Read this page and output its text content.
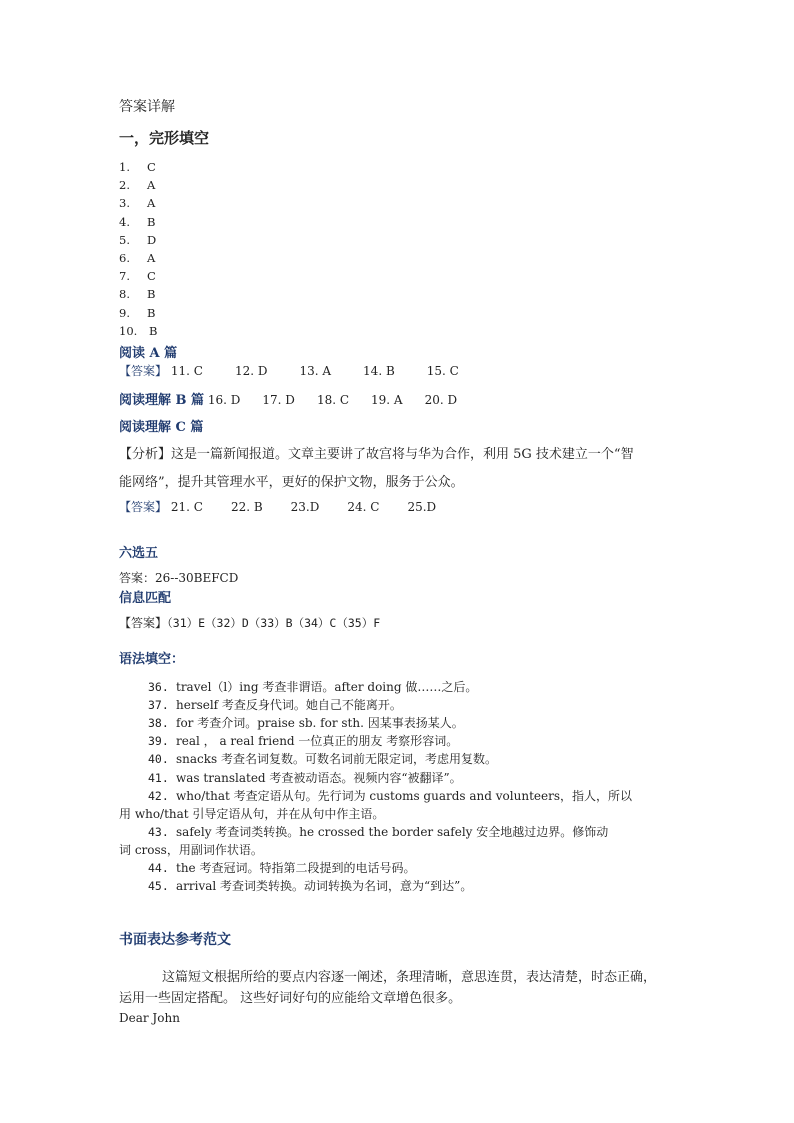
答案详解
一，完形填空
1. C
2. A
3. A
4. B
5. D
6. A
7. C
8. B
9. B
10. B
阅读 A 篇
【答案】 11. C	12. D	13. A	14. B	15. C
阅读理解 B 篇 16. D 17. D 18. C 19. A 20. D
阅读理解 C 篇
【分析】这是一篇新闻报道。文章主要讲了故宫将与华为合作，利用 5G 技术建立一个“智
能网络”，提升其管理水平，更好的保护文物，服务于公众。
【答案】 21. C 22. B 23.D 24. C 25.D
六选五
答案：26--30BEFCD
信息匹配
【答案】（31）E（32）D（33）B（34）C（35）F
语法填空：
36. travel（l）ing 考查非谓语。after doing 做……之后。
37. herself 考查反身代词。她自己不能离开。
38. for 考查介词。praise sb. for sth. 因某事表扬某人。
39. real ， a real friend 一位真正的朋友 考察形容词。
40. snacks 考查名词复数。可数名词前无限定词，考虑用复数。
41. was translated 考查被动语态。视频内容“被翻译”。
42. who/that 考查定语从句。先行词为 customs guards and volunteers，指人，所以
用 who/that 引导定语从句，并在从句中作主语。
43. safely 考查词类转换。he crossed the border safely 安全地越过边界。修饰动
词 cross，用副词作状语。
44. the 考查冠词。特指第二段提到的电话号码。
45. arrival 考查词类转换。动词转换为名词，意为“到达”。
书面表达参考范文
这篇短文根据所给的要点内容逐一阐述，条理清晰，意思连贯，表达清楚，时态正确，
运用一些固定搭配。 这些好词好句的应能给文章增色很多。
Dear John
